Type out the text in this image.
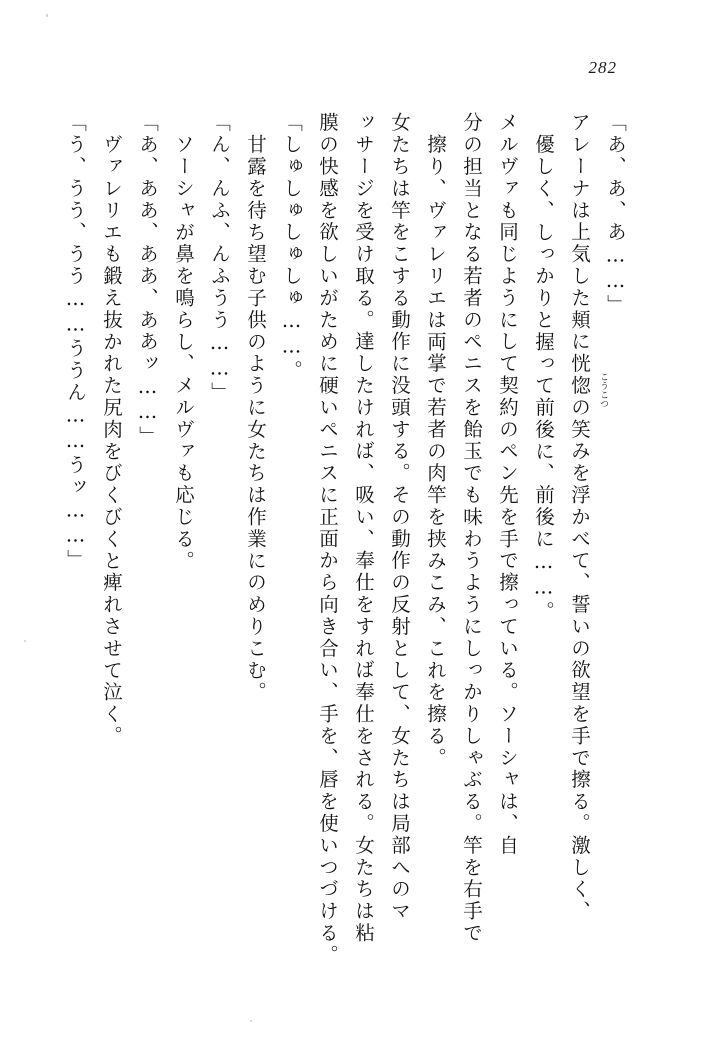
282
「あ、あ、あ……」
アレーナは上気した頬に恍惚の笑みを浮かべて、誓いの欲望を手で擦る。激しく、
優しく、しっかりと握って前後に、前後に……。
メルヴァも同じようにして契約のペン先を手で擦っている。ソーシャは、自
分の担当となる若者のペニスを飴玉でも味わうようにしっかりしゃぶる。竿を右手で
擦り、ヴァレリエは両掌で若者の肉竿を挟みこみ、これを擦る。
女たちは竿をこする動作に没頭する。その動作の反射として、女たちは局部へのマ
ッサージを受け取る。達したければ、吸い、奉仕をすれば奉仕をされる。女たちは粘
膜の快感を欲しいがために硬いペニスに正面から向き合い、手を、唇を使いつづける。
「しゅしゅしゅしゅ……。
甘露を待ち望む子供のように女たちは作業にのめりこむ。
「ん、んふ、んふうう……」
ソーシャが鼻を鳴らし、メルヴァも応じる。
「あ、ああ、ああ、ああッ……」
ヴァレリエも鍛え抜かれた尻肉をびくびくと痺れさせて泣く。
「う、うう、うう……ううん……うッ……」	こうこつ
